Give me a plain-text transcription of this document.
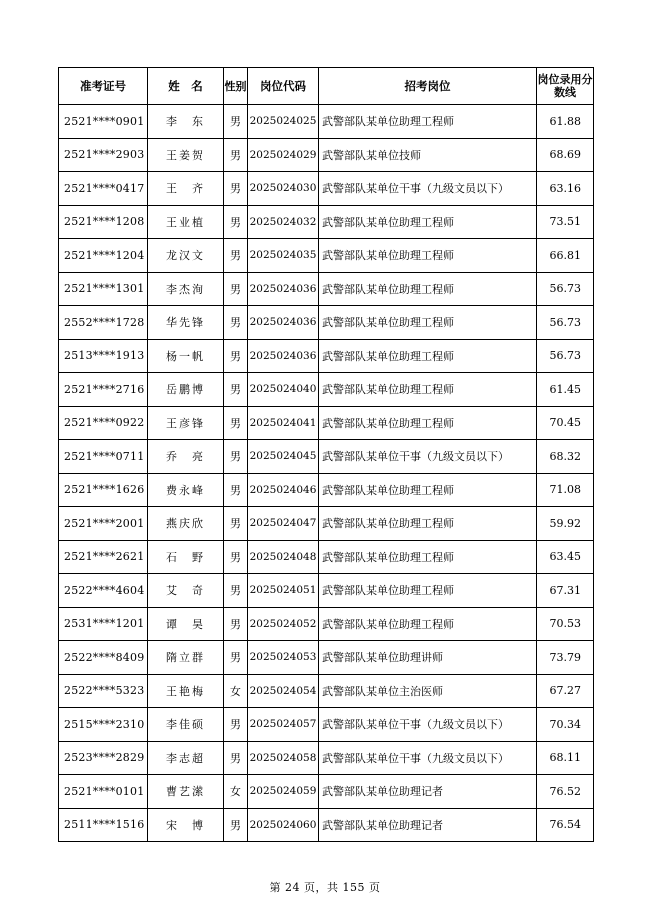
准考证号	姓　名	性别	岗位代码	招考岗位	岗位录用分数线
2521****0901	李　东	男	2025024025	武警部队某单位助理工程师	61.88
2521****2903	王姜贺	男	2025024029	武警部队某单位技师	68.69
2521****0417	王　齐	男	2025024030	武警部队某单位干事（九级文员以下）	63.16
2521****1208	王业植	男	2025024032	武警部队某单位助理工程师	73.51
2521****1204	龙汉文	男	2025024035	武警部队某单位助理工程师	66.81
2521****1301	李杰洵	男	2025024036	武警部队某单位助理工程师	56.73
2552****1728	华先锋	男	2025024036	武警部队某单位助理工程师	56.73
2513****1913	杨一帆	男	2025024036	武警部队某单位助理工程师	56.73
2521****2716	岳鹏博	男	2025024040	武警部队某单位助理工程师	61.45
2521****0922	王彦锋	男	2025024041	武警部队某单位助理工程师	70.45
2521****0711	乔　亮	男	2025024045	武警部队某单位干事（九级文员以下）	68.32
2521****1626	费永峰	男	2025024046	武警部队某单位助理工程师	71.08
2521****2001	燕庆欣	男	2025024047	武警部队某单位助理工程师	59.92
2521****2621	石　野	男	2025024048	武警部队某单位助理工程师	63.45
2522****4604	艾　奇	男	2025024051	武警部队某单位助理工程师	67.31
2531****1201	谭　昊	男	2025024052	武警部队某单位助理工程师	70.53
2522****8409	隋立群	男	2025024053	武警部队某单位助理讲师	73.79
2522****5323	王艳梅	女	2025024054	武警部队某单位主治医师	67.27
2515****2310	李佳硕	男	2025024057	武警部队某单位干事（九级文员以下）	70.34
2523****2829	李志超	男	2025024058	武警部队某单位干事（九级文员以下）	68.11
2521****0101	曹艺潆	女	2025024059	武警部队某单位助理记者	76.52
2511****1516	宋　博	男	2025024060	武警部队某单位助理记者	76.54
第 24 页，共 155 页
